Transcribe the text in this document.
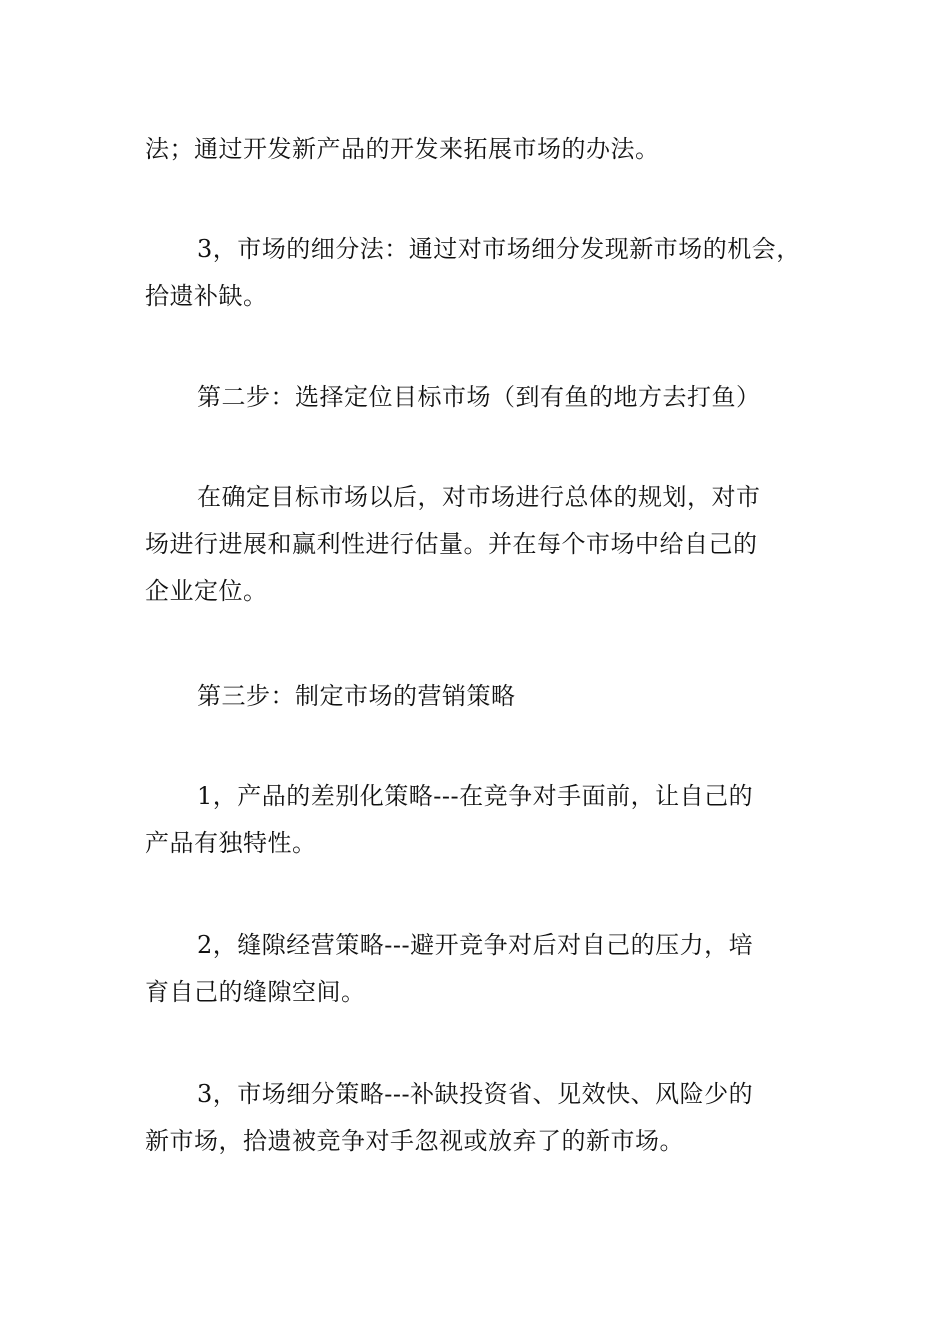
法；通过开发新产品的开发来拓展市场的办法。

3，市场的细分法：通过对市场细分发现新市场的机会，
拾遗补缺。

第二步：选择定位目标市场（到有鱼的地方去打鱼）

在确定目标市场以后，对市场进行总体的规划，对市
场进行进展和赢利性进行估量。并在每个市场中给自己的
企业定位。

第三步：制定市场的营销策略

1，产品的差别化策略---在竞争对手面前，让自己的
产品有独特性。

2，缝隙经营策略---避开竞争对后对自己的压力，培
育自己的缝隙空间。

3，市场细分策略---补缺投资省、见效快、风险少的
新市场，拾遗被竞争对手忽视或放弃了的新市场。
